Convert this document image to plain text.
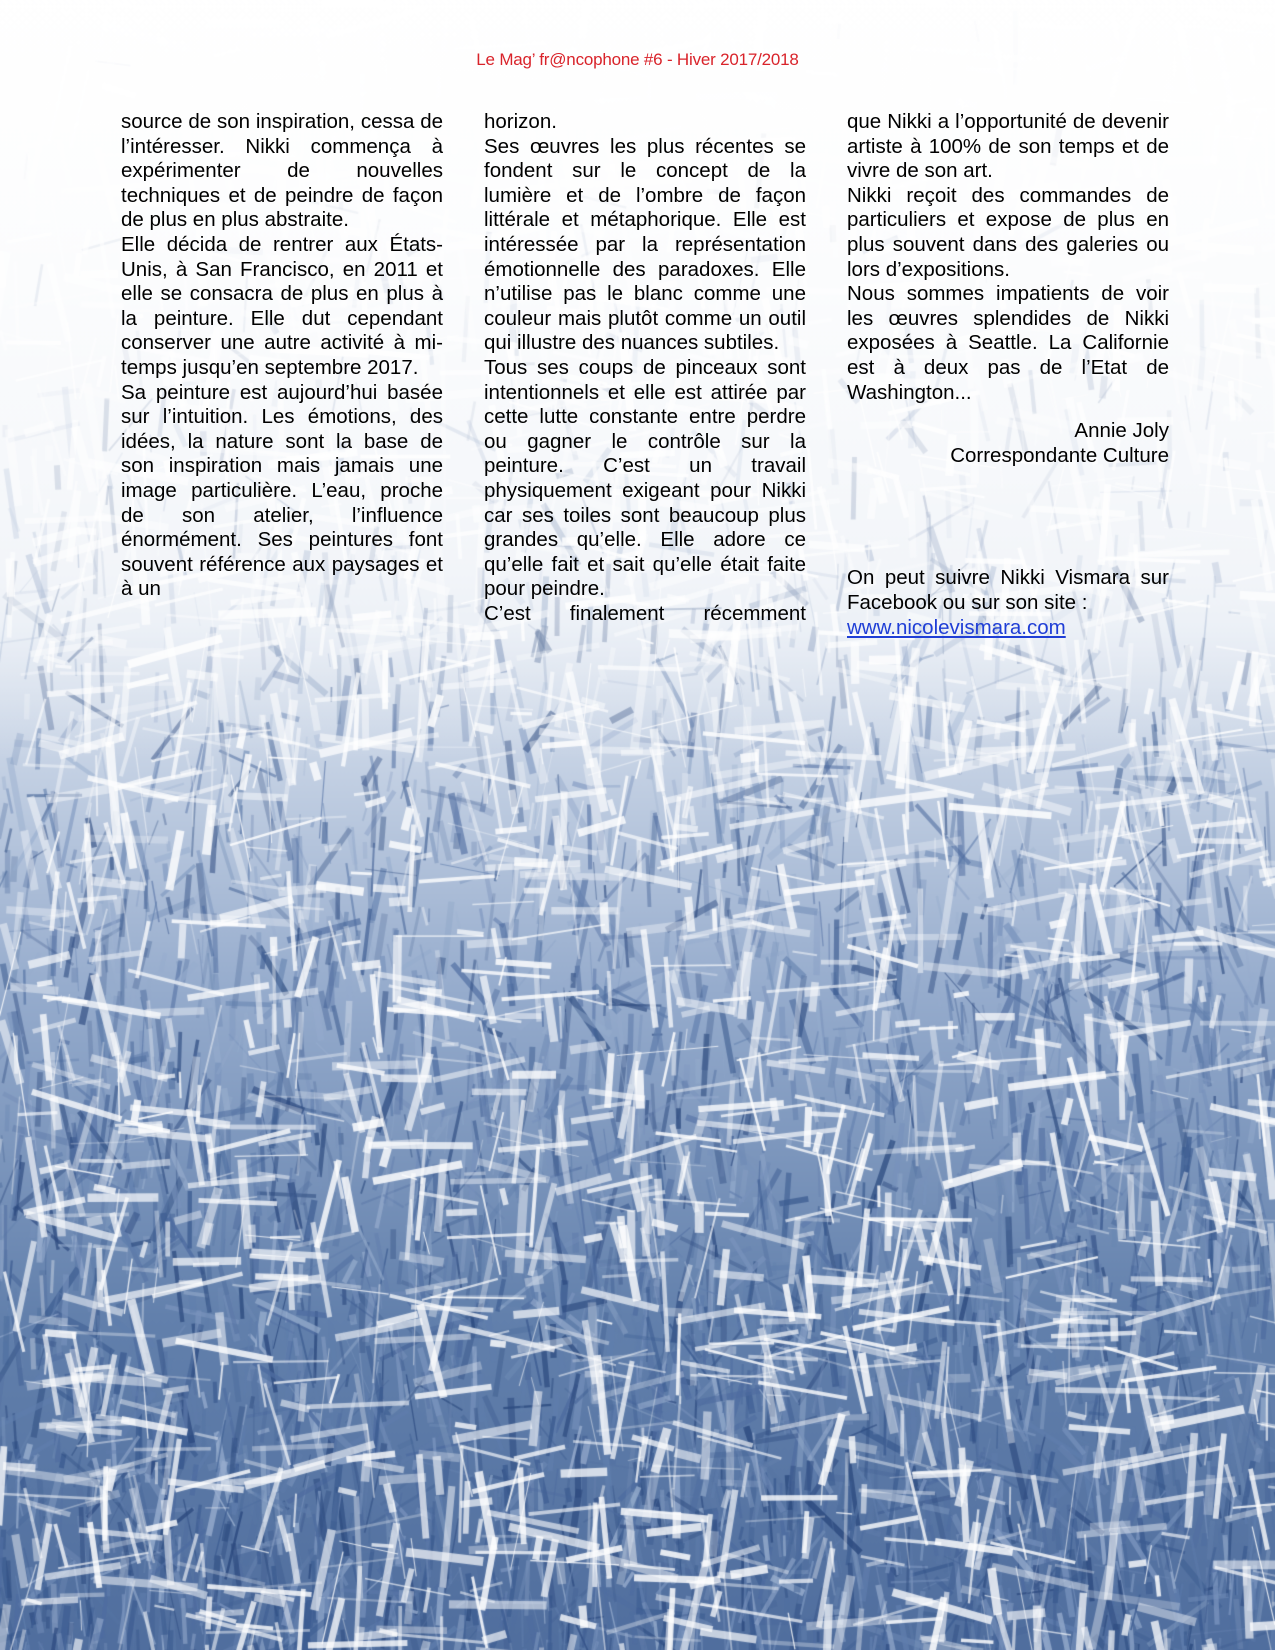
Le Mag’ fr@ncophone #6 - Hiver 2017/2018

source de son inspiration, cessa de l’intéresser. Nikki commença à expérimenter de nouvelles techniques et de peindre de façon de plus en plus abstraite.

Elle décida de rentrer aux États-Unis, à San Francisco, en 2011 et elle se consacra de plus en plus à la peinture. Elle dut cependant conserver une autre activité à mi-temps jusqu’en septembre 2017.

Sa peinture est aujourd’hui basée sur l’intuition. Les émotions, des idées, la nature sont la base de son inspiration mais jamais une image particulière. L’eau, proche de son atelier, l’influence énormément. Ses peintures font souvent référence aux paysages et à un

horizon.

Ses œuvres les plus récentes se fondent sur le concept de la lumière et de l’ombre de façon littérale et métaphorique. Elle est intéressée par la représentation émotionnelle des paradoxes. Elle n’utilise pas le blanc comme une couleur mais plutôt comme un outil qui illustre des nuances subtiles.

Tous ses coups de pinceaux sont intentionnels et elle est attirée par cette lutte constante entre perdre ou gagner le contrôle sur la peinture. C’est un travail physiquement exigeant pour Nikki car ses toiles sont beaucoup plus grandes qu’elle. Elle adore ce qu’elle fait et sait qu’elle était faite pour peindre.

C’est finalement récemment

que Nikki a l’opportunité de devenir artiste à 100% de son temps et de vivre de son art.

Nikki reçoit des commandes de particuliers et expose de plus en plus souvent dans des galeries ou lors d’expositions.

Nous sommes impatients de voir les œuvres splendides de Nikki exposées à Seattle. La Californie est à deux pas de l’Etat de Washington...

Annie Joly
Correspondante Culture
On peut suivre Nikki Vismara sur Facebook ou sur son site :
www.nicolevismara.com
